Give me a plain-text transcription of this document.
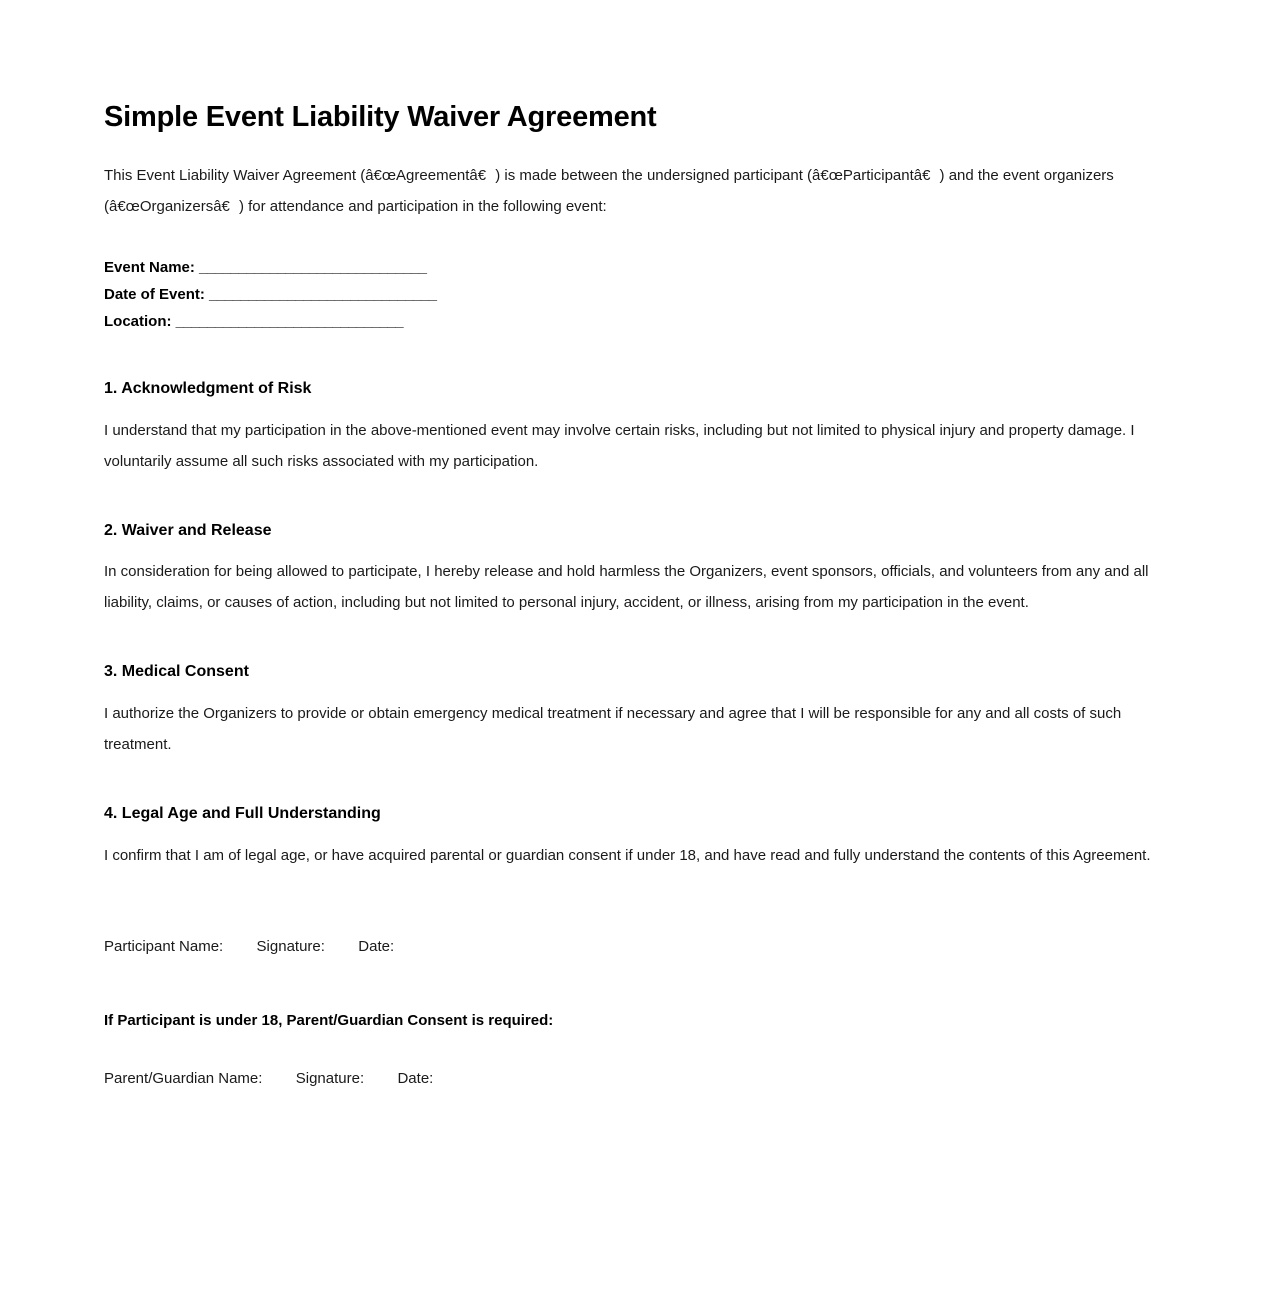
Simple Event Liability Waiver Agreement

This Event Liability Waiver Agreement (â€œAgreementâ€) is made between the undersigned participant (â€œParticipantâ€) and the event organizers (â€œOrganizersâ€) for attendance and participation in the following event:

Event Name: _____________________________
Date of Event: _____________________________
Location: _____________________________
1. Acknowledgment of Risk

I understand that my participation in the above-mentioned event may involve certain risks, including but not limited to physical injury and property damage. I voluntarily assume all such risks associated with my participation.

2. Waiver and Release

In consideration for being allowed to participate, I hereby release and hold harmless the Organizers, event sponsors, officials, and volunteers from any and all liability, claims, or causes of action, including but not limited to personal injury, accident, or illness, arising from my participation in the event.

3. Medical Consent

I authorize the Organizers to provide or obtain emergency medical treatment if necessary and agree that I will be responsible for any and all costs of such treatment.

4. Legal Age and Full Understanding

I confirm that I am of legal age, or have acquired parental or guardian consent if under 18, and have read and fully understand the contents of this Agreement.

Participant Name:        Signature:        Date:
If Participant is under 18, Parent/Guardian Consent is required:
Parent/Guardian Name:        Signature:        Date:
